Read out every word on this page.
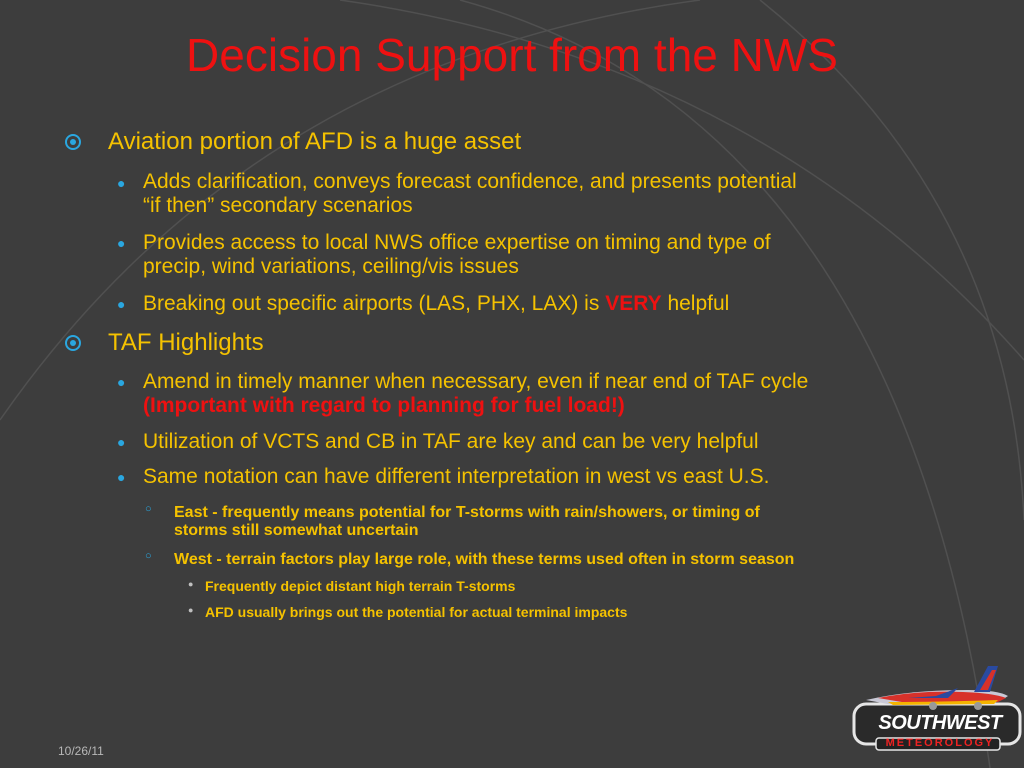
Decision Support from the NWS
Aviation portion of AFD is a huge asset
● Adds clarification, conveys forecast confidence, and presents potential
“if then” secondary scenarios
● Provides access to local NWS office expertise on timing and type of
precip, wind variations, ceiling/vis issues
● Breaking out specific airports (LAS, PHX, LAX) is VERY helpful
TAF Highlights
● Amend in timely manner when necessary, even if near end of TAF cycle
(Important with regard to planning for fuel load!)
● Utilization of VCTS and CB in TAF are key and can be very helpful
● Same notation can have different interpretation in west vs east U.S.
○ East - frequently means potential for T-storms with rain/showers, or timing of
storms still somewhat uncertain
○ West - terrain factors play large role, with these terms used often in storm season
● Frequently depict distant high terrain T-storms
● AFD usually brings out the potential for actual terminal impacts
10/26/11
SOUTHWEST
METEOROLOGY
